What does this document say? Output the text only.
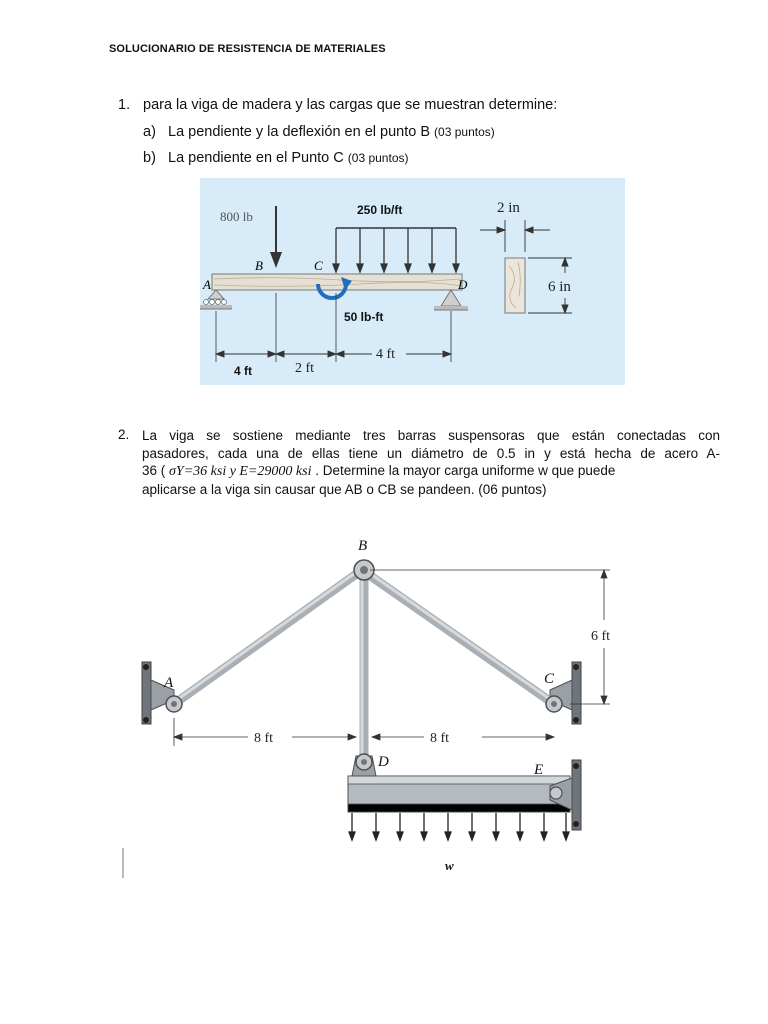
SOLUCIONARIO DE RESISTENCIA DE MATERIALES
1. para la viga de madera y las cargas que se muestran determine:
a) La pendiente y la deflexión en el punto B (03 puntos)
b) La pendiente en el Punto C (03 puntos)
800 lb	250 lb/ft
A
B	C
D
50 lb-ft
4 ft	2 ft
4 ft
2 in
6 in
2. La viga se sostiene mediante tres barras suspensoras que están conectadas con
pasadores, cada una de ellas tiene un diámetro de 0.5 in y está hecha de acero A-
36 ( σY=36 ksi y E=29000 ksi . Determine la mayor carga uniforme w que puede
aplicarse a la viga sin causar que AB o CB se pandeen. (06 puntos)
A	C
B
D	E
w
8 ft	8 ft
6 ft
